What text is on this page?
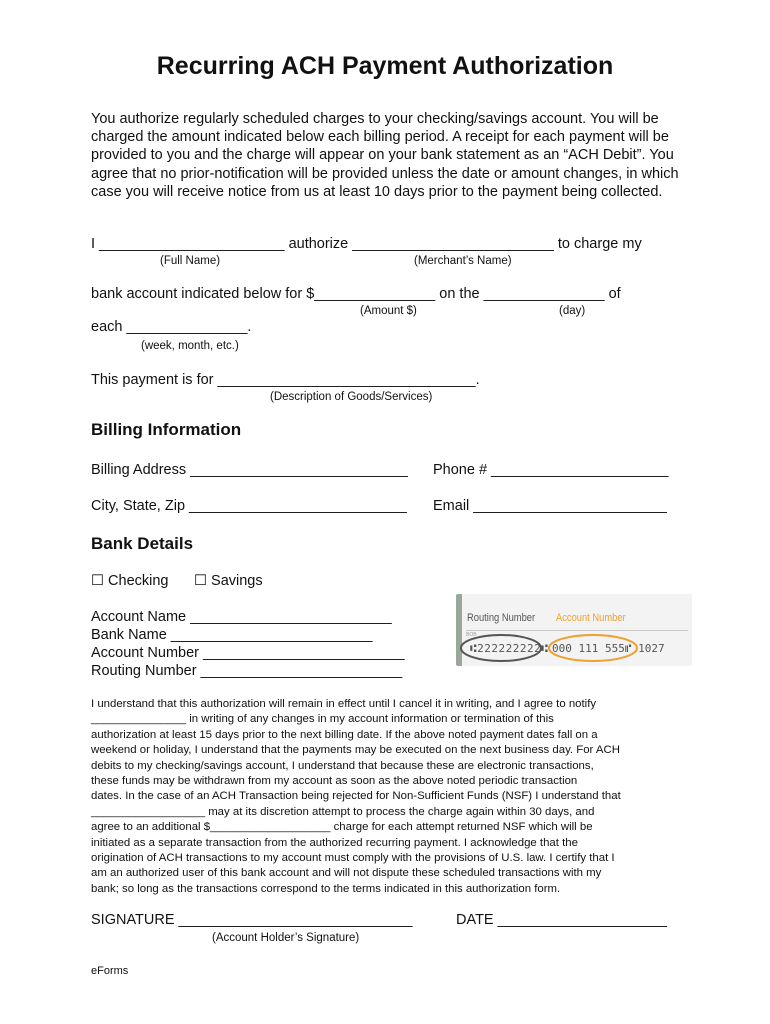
Recurring ACH Payment Authorization
You authorize regularly scheduled charges to your checking/savings account. You will be charged the amount indicated below each billing period. A receipt for each payment will be provided to you and the charge will appear on your bank statement as an “ACH Debit”. You agree that no prior-notification will be provided unless the date or amount changes, in which case you will receive notice from us at least 10 days prior to the payment being collected.
I _______________________ authorize _________________________ to charge my
(Full Name)	(Merchant’s Name)
bank account indicated below for $_______________ on the _______________ of
(Amount $)	(day)
each _______________.
(week, month, etc.)
This payment is for ________________________________.
(Description of Goods/Services)
Billing Information
Billing Address ___________________________ Phone # ______________________
City, State, Zip ___________________________ Email ________________________
Bank Details
☐ Checking ☐ Savings
Account Name _________________________
Bank Name _________________________
Account Number _________________________
Routing Number _________________________
Routing Number Account Number
BOB
⑆222222222⑆ 000 111 555⑈ 1027
I understand that this authorization will remain in effect until I cancel it in writing, and I agree to notify
_______________ in writing of any changes in my account information or termination of this
authorization at least 15 days prior to the next billing date. If the above noted payment dates fall on a
weekend or holiday, I understand that the payments may be executed on the next business day. For ACH
debits to my checking/savings account, I understand that because these are electronic transactions,
these funds may be withdrawn from my account as soon as the above noted periodic transaction
dates. In the case of an ACH Transaction being rejected for Non-Sufficient Funds (NSF) I understand that
__________________ may at its discretion attempt to process the charge again within 30 days, and
agree to an additional $___________________ charge for each attempt returned NSF which will be
initiated as a separate transaction from the authorized recurring payment. I acknowledge that the
origination of ACH transactions to my account must comply with the provisions of U.S. law. I certify that I
am an authorized user of this bank account and will not dispute these scheduled transactions with my
bank; so long as the transactions correspond to the terms indicated in this authorization form.
SIGNATURE _____________________________	DATE _____________________
(Account Holder’s Signature)
eForms
